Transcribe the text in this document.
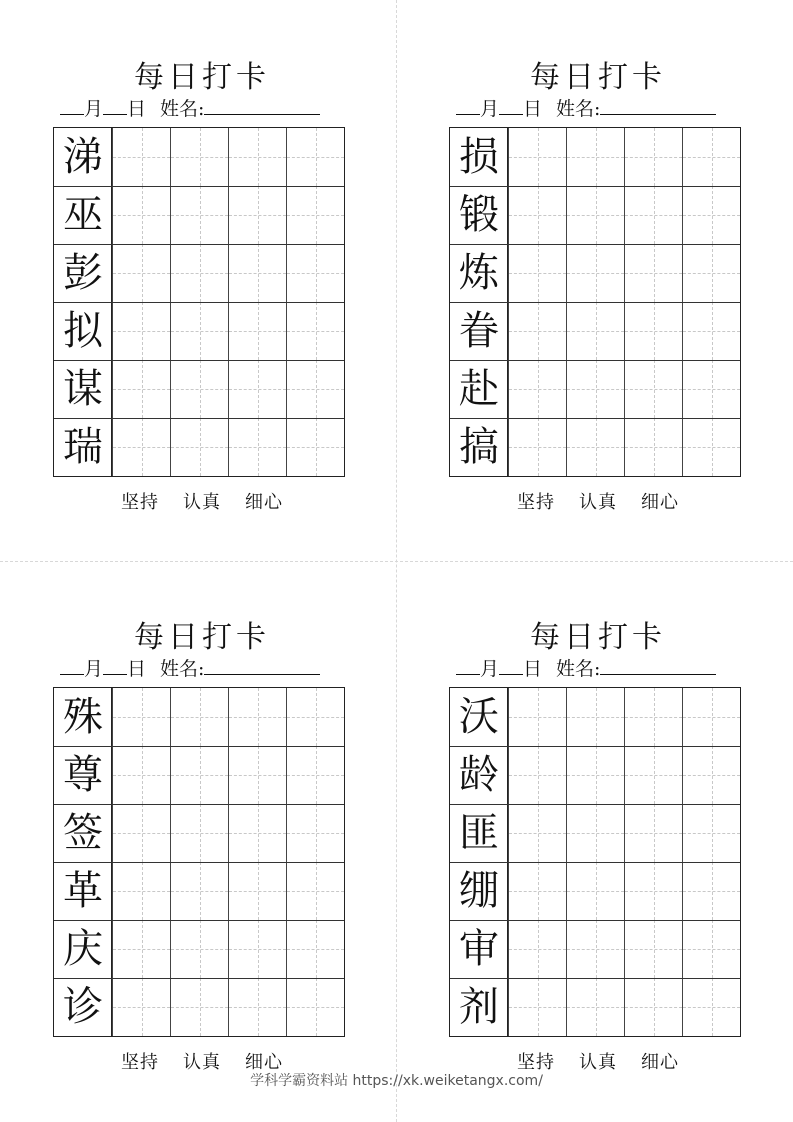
每日打卡
月 日 姓名:
涕
巫
彭
拟
谋
瑞
坚持 认真 细心
每日打卡
月 日 姓名:
损
锻
炼
眷
赴
搞
坚持 认真 细心
每日打卡
月 日 姓名:
殊
尊
签
革
庆
诊
坚持 认真 细心
每日打卡
月 日 姓名:
沃
龄
匪
绷
审
剂
坚持 认真 细心
学科学霸资料站 https://xk.weiketangx.com/
